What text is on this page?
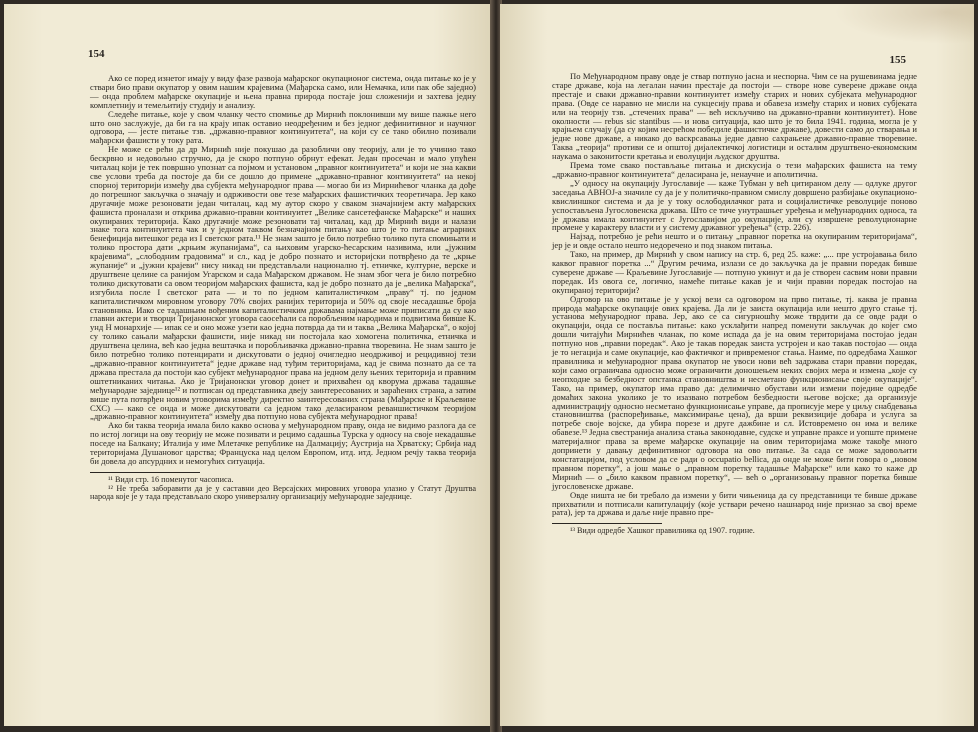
154

Ако се поред изнетог имају у виду фазе развоја мађарског окупационог система, онда питање ко је у ствари био прави окупатор у овим нашим крајевима (Мађарска само, или Немачка, или пак обе заједно) — онда проблем мађарске окупације и њена правна природа постаје још сложенији и захтева једну комплетнију и темељитију студију и анализу.

Следеће питање, које у свом чланку често спомиње др Мирнић поклонивши му више пажње него што оно заслужује, да би га на крају ипак оставио неодређеним и без једног дефинитивног и научног одговора, — јесте питање тзв. „државно-правног континуитета“, на који су се тако обилно позивали мађарски фашисти у току рата.

Не може се рећи да др Мирнић није покушао да разобличи ову теорију, али је то учинио тако бескрвно и недовољно стручно, да је скоро потпуно обрнут ефекат. Један просечан и мало упућен читалац који је тек површно упознат са појмом и установом „правног континуитета“ и који не зна какви све услови треба да постоје да би се дошло до примене „државно-правног континуитета“ на некој спорној територији између два субјекта међународног права — могао би из Мирнићевог чланка да дође до погрешног закључка о значају и одрживости ове тезе мађарских фашистичких теоретичара. Јер како другачије може резоновати један читалац, кад му аутор скоро у сваком значајнијем акту мађарских фашиста проналази и открива државно-правни континуитет „Велике сансетефанске Мађарске“ и наших окупираних територија. Како другачије може резоновати тај читалац, кад др Мирнић види и налази знаке тога континуитета чак и у једном таквом безначајном питању као што је то питање аграрних бенефиција витешког реда из I светског рата.¹¹ Не знам зашто је било потребно толико пута спомињати и толико простора дати „крњим жупанијама“, са њиховим угарско-ћесарским називима, или „јужним крајевима“, „слободним градовима“ и сл., кад је добро познато и историјски потврђено да те „крње жупаније“ и „јужни крајеви“ нису никад ни представљали национално тј. етничке, културне, верске и друштвене целине са ранијом Угарском и сада Мађарском државом. Не знам због чега је било потребно толико дискутовати са овом теоријом мађарских фашиста, кад је добро познато да је „велика Мађарска“, изгубила после I светског рата — и то по једном капиталистичком „праву“ тј. по једном капиталистичком мировном уговору 70% својих ранијих територија и 50% од своје несадашње броја становника. Иако се тадашњим вођеним капиталистичким државама најмање може приписати да су као главни актери и творци Тријанонског уговора саосећали са поробљеним народима и подвитима бивше К. унд Н монархије — ипак се и оно може узети као једна потврда да ти и таква „Велика Мађарска“, о којој су толико сањали мађарски фашисти, није никад ни постојала као хомогена политичка, етничка и друштвена целина, већ као једна вештачка и поробљивачка државно-правна творевина. Не знам зашто је било потребно толико потенцирати и дискутовати о једној очигледно неодрживој и рецидивној тези „државно-правног континуитета“ једне државе над туђим територијама, кад је свима познато да се та држава престала да постоји као субјект међународног права на једном делу њених територија и правним оштетниканих читања. Ако је Тријанонски уговор донет и прихваћен од кворума држава тадашње међународне заједнице¹² и потписан од представника двеју заинтересованих и зараћених страна, а затим више пута потврђен новим уговорима између директно заинтересованих страна (Мађарске и Краљевине СХС) — како се онда и може дискутовати са једном тако деласираном реваншистичком теоријом „државно-правног континуитета“ између два потпуно нова субјекта међународног права!

Ако би таква теорија имала било какво основа у међународном праву, онда не видимо разлога да се по истој логици на ову теорију не може позивати и рецимо садашња Турска у односу на своје некадашње поседе на Балкану; Италија у име Млетачке републике на Далмацију; Аустрија на Хрватску; Србија над територијама Душановог царства; Француска над целом Европом, итд. итд. Једном речју таква теорија би довела до апсурдних и немогућих ситуација.

¹¹ Види стр. 16 поменутог часописа.

¹² Не треба заборавити да је у саставни део Версајских мировних уговора улазио у Статут Друштва народа које је у тада представљало скоро универзалну организацију међународне заједнице.

155

По Међународном праву овде је ствар потпуно јасна и неспорна. Чим се на рушевинама једне старе државе, која на легалан начин престаје да постоји — створе нове суверене државе онда престаје и сваки државно-правни континуитет између старих и нових субјеката међународног права. (Овде се наравно не мисли на сукцесију права и обавеза између старих и нових субјеката или на теорију тзв. „стечених права“ — већ искључиво на државно-правни континуитет). Нове околности — rebus sic stantibus — и нова ситуација, као што је то била 1941. година, могла је у крајњем случају (да су којим несрећом победиле фашистичке државе), довести само до стварања и једне нове државе, а никако до васкрсавања једне давно сахрањене државно-правне творевине. Таква „теорија“ противи се и општој дијалектичкој логистици и осталим друштвено-економским наукама о законитости кретања и еволуцији људског друштва.

Према томе свако постављање питања и дискусија о тези мађарских фашиста на тему „државно-правног континуитета“ деласирана је, ненаучне и аполитична.

„У односу на окупацију Југославије — каже Тубман у већ цитираном делу — одлуке другог заседања АВНОЈ-а значиле су да је у политичко-правном смислу довршено разбијање окупационо-квислиншког система и да је у току ослободилачког рата и социјалистичке револуције поново успостављена Југословенска држава. Што се тиче унутрашњег уређења и међународних односа, та је држава имала континуитет с Југославијом до окупације, али су извршене револуционарне промене у карактеру власти и у систему државног уређења“ (стр. 226).

Најзад, потребно је рећи нешто и о питању „правног поретка на окупираним територијама“, јер је и овде остало нешто недоречено и под знаком питања.

Тако, на пример, др Мирнић у свом напису на стр. 6, ред 25. каже: „... пре устројавања било каквог правног поретка ...“ Другим речима, излази се до закључка да је правни поредак бивше суверене државе — Краљевине Југославије — потпуно укинут и да је створен сасвим нови правни поредак. Из овога се, логично, намеће питање какав је и чији правни поредак постојао на окупираној територији?

Одговор на ово питање је у уској вези са одговором на прво питање, тј. каква је правна природа мађарске окупације ових крајева. Да ли је заиста окупација или нешто друго стање тј. установа међународног права. Јер, ако се са сигурношћу може тврдити да се овде ради о окупацији, онда се поставља питање: како усклађити напред поменути закључак до којег смо дошли читајући Мирнићев чланак, по коме испада да је на овим територијама постојао један потпуно нов „правни поредак“. Ако је такав поредак заиста устројен и као такав постојао — онда је то негација и саме окупације, као фактичког и привременог стања. Наиме, по одредбама Хашког правилника и међународног права окупатор не увоси нови већ задржава стари правни поредак, који само ограничава односно може ограничити доношењем неких својих мера и измена „које су неопходне за безбедност опстанка становништва и несметано функционисање своје окупације“. Тако, на пример, окупатор има право да: делимично обустави или измени поједине одредбе домаћих закона уколико је то изазвано потребом безбедности његове војске; да организује администрацију односно несметано функционисање управе, да прописује мере у циљу снабдевања становништва (распоређивање, максимирање цена), да врши реквизиције добара и услуга за потребе своје војске, да убира порезе и друге дажбине и сл. Истовремено он има и велике обавезе.¹³ Једна свестранија анализа стања законодавне, судске и управне праксе и уопште примене материјалног права за време мађарске окупације на овим територијама може такође много допринети у давању дефинитивног одговора на ово питање. За сада се може задовољити констатацијом, под условом да се ради о occupatio bellica, да онде не може бити говора о „новом правном поретку“, а још мање о „правном поретку тадашње Мађарске“ или како то каже др Мирнић — о „било каквом правном поретку“, — већ о „организовању правног поретка бивше југословенске државе.

Овде ништа не би требало да измени у бити чињеница да су представници те бивше државе прихватили и потписали капитулацију (које уствари речено нашнарод није признао за свој време рата), јер та држава и даље није правно пре-

¹³ Види одредбе Хашког правилника од 1907. године.
